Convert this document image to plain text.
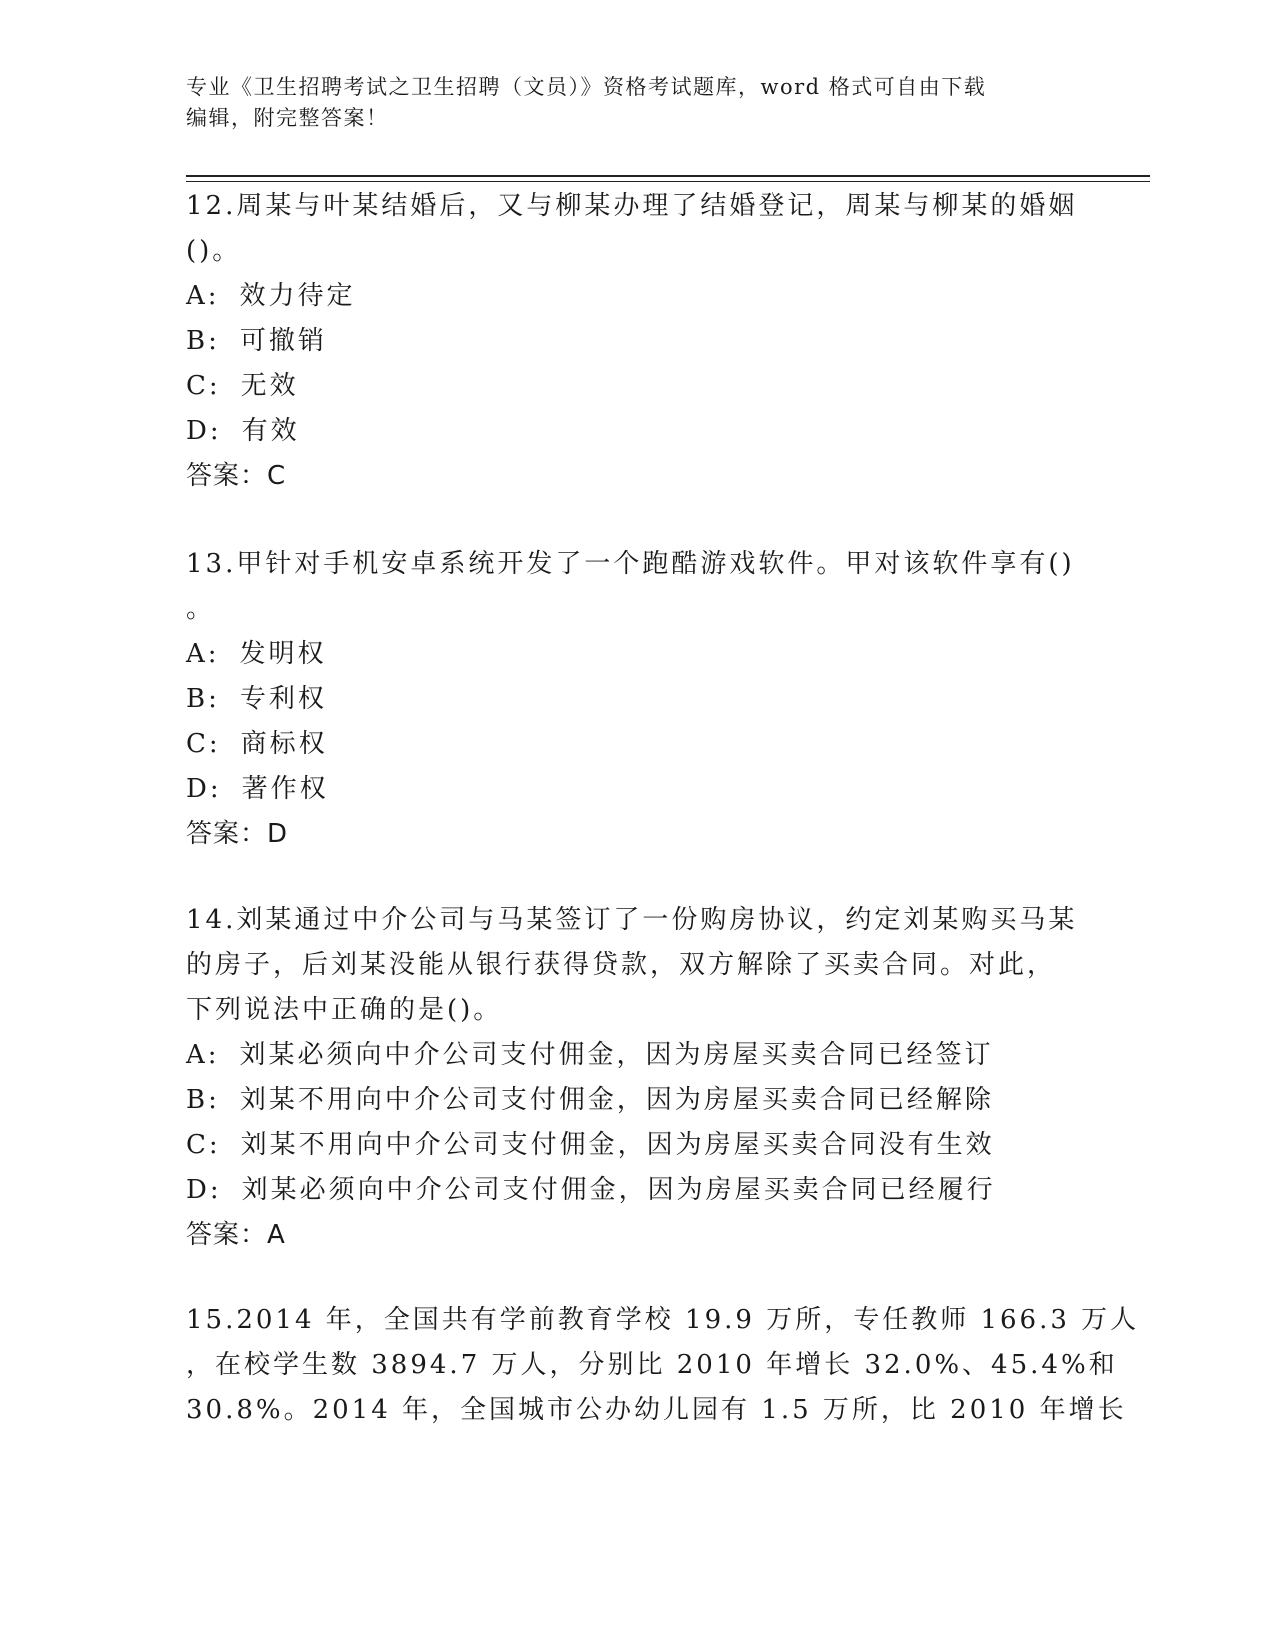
专业《卫生招聘考试之卫生招聘（文员）》资格考试题库，word 格式可自由下载
编辑，附完整答案！
12.周某与叶某结婚后，又与柳某办理了结婚登记，周某与柳某的婚姻
()。
A: 效力待定
B: 可撤销
C: 无效
D: 有效
答案：C
13.甲针对手机安卓系统开发了一个跑酷游戏软件。甲对该软件享有()
。
A: 发明权
B: 专利权
C: 商标权
D: 著作权
答案：D
14.刘某通过中介公司与马某签订了一份购房协议，约定刘某购买马某
的房子，后刘某没能从银行获得贷款，双方解除了买卖合同。对此，
下列说法中正确的是()。
A: 刘某必须向中介公司支付佣金，因为房屋买卖合同已经签订
B: 刘某不用向中介公司支付佣金，因为房屋买卖合同已经解除
C: 刘某不用向中介公司支付佣金，因为房屋买卖合同没有生效
D: 刘某必须向中介公司支付佣金，因为房屋买卖合同已经履行
答案：A
15.2014 年，全国共有学前教育学校 19.9 万所，专任教师 166.3 万人
，在校学生数 3894.7 万人，分别比 2010 年增长 32.0%、45.4%和
30.8%。2014 年，全国城市公办幼儿园有 1.5 万所，比 2010 年增长
